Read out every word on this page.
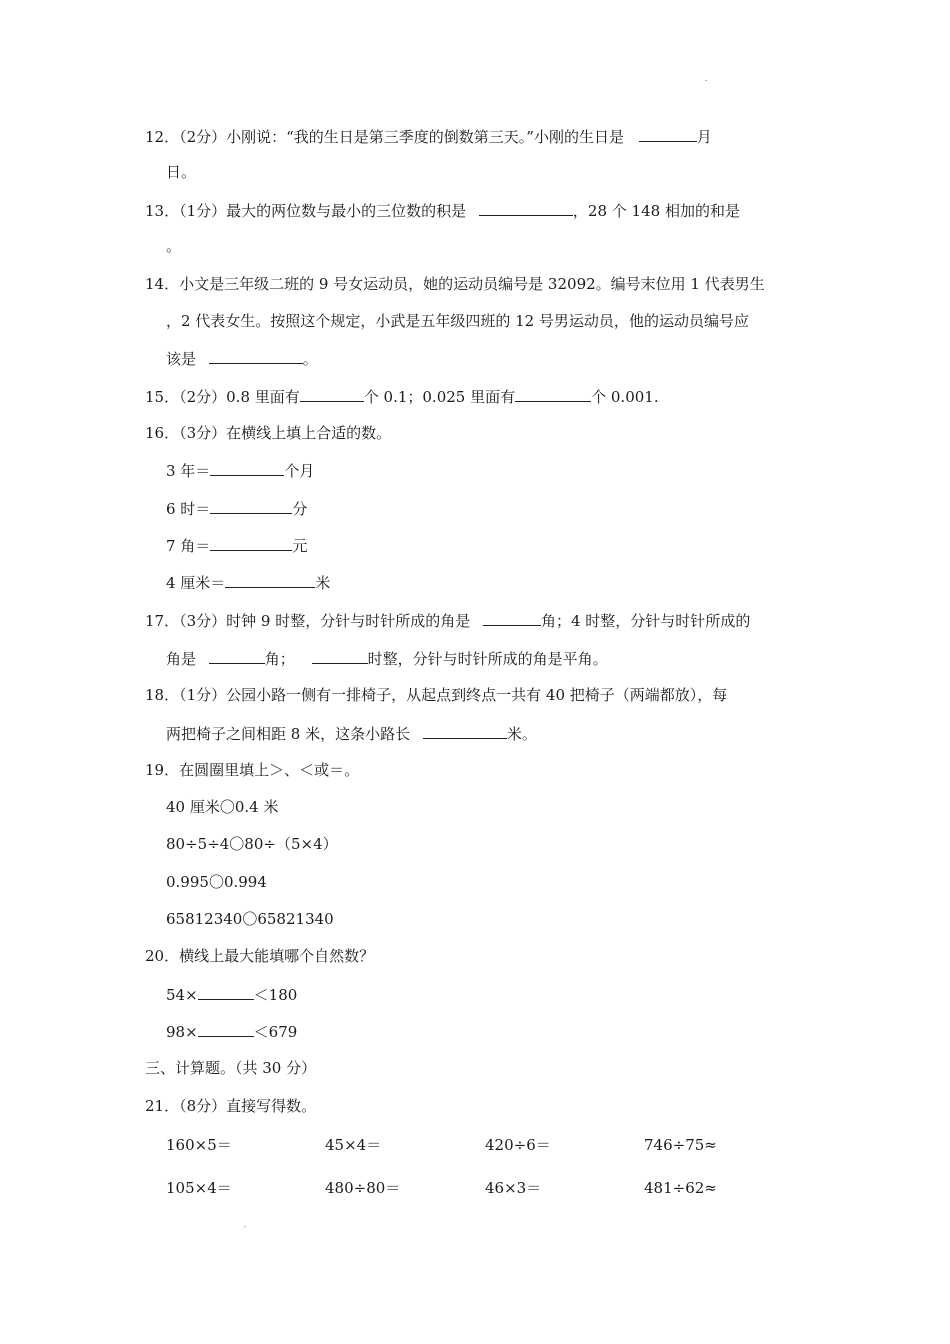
12．（2分）小刚说：“我的生日是第三季度的倒数第三天。”小刚的生日是	月
日。
13．（1分）最大的两位数与最小的三位数的积是	，28 个 148 相加的和是
。
14．小文是三年级二班的 9 号女运动员，她的运动员编号是 32092。编号末位用 1 代表男生
，2 代表女生。按照这个规定，小武是五年级四班的 12 号男运动员，他的运动员编号应
该是	。
15．（2分）0.8 里面有	个 0.1；0.025 里面有	个 0.001.
16．（3分）在横线上填上合适的数。
3 年＝	个月
6 时＝	分
7 角＝	元
4 厘米＝	米
17．（3分）时钟 9 时整，分针与时针所成的角是	角；4 时整，分针与时针所成的
角是	角；	时整，分针与时针所成的角是平角。
18．（1分）公园小路一侧有一排椅子，从起点到终点一共有 40 把椅子（两端都放），每
两把椅子之间相距 8 米，这条小路长	米。
19．在圆圈里填上＞、＜或＝。
40 厘米〇0.4 米
80÷5÷4〇80÷（5×4）
0.995〇0.994
65812340〇65821340
20．横线上最大能填哪个自然数？
54×	＜180
98×	＜679
三、计算题。（共 30 分）
21．（8分）直接写得数。
160×5＝	45×4＝	420÷6＝	746÷75≈
105×4＝	480÷80＝	46×3＝	481÷62≈
